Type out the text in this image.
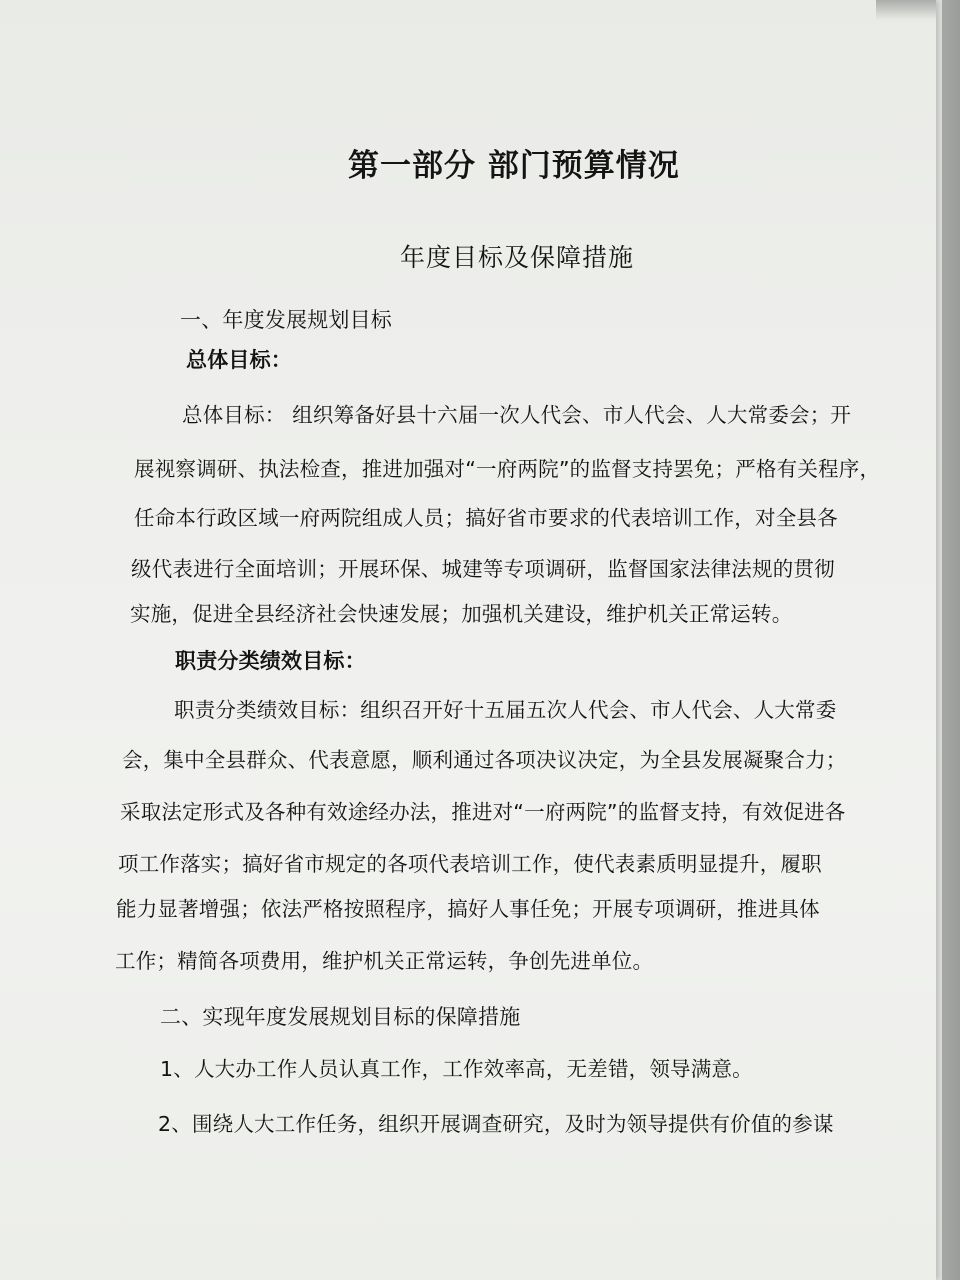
第一部分 部门预算情况
年度目标及保障措施
一、年度发展规划目标
总体目标：
总体目标： 组织筹备好县十六届一次人代会、市人代会、人大常委会；开
展视察调研、执法检查，推进加强对“一府两院”的监督支持罢免；严格有关程序，
任命本行政区域一府两院组成人员；搞好省市要求的代表培训工作，对全县各
级代表进行全面培训；开展环保、城建等专项调研，监督国家法律法规的贯彻
实施，促进全县经济社会快速发展；加强机关建设，维护机关正常运转。
职责分类绩效目标：
职责分类绩效目标：组织召开好十五届五次人代会、市人代会、人大常委
会，集中全县群众、代表意愿，顺利通过各项决议决定，为全县发展凝聚合力；
采取法定形式及各种有效途经办法，推进对“一府两院”的监督支持，有效促进各
项工作落实；搞好省市规定的各项代表培训工作，使代表素质明显提升，履职
能力显著增强；依法严格按照程序，搞好人事任免；开展专项调研，推进具体
工作；精简各项费用，维护机关正常运转，争创先进单位。
二、实现年度发展规划目标的保障措施
1、人大办工作人员认真工作，工作效率高，无差错，领导满意。
2、围绕人大工作任务，组织开展调查研究，及时为领导提供有价值的参谋
